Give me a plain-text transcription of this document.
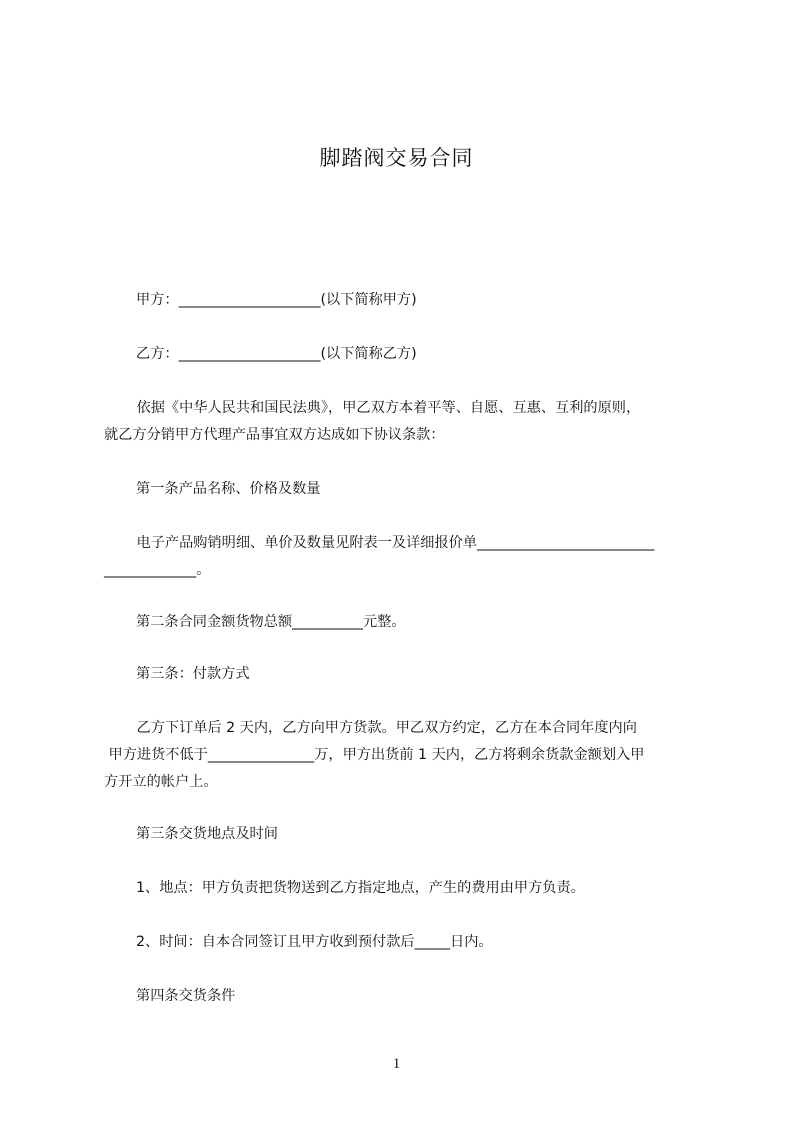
脚踏阀交易合同
甲方：____________________(以下简称甲方)
乙方：____________________(以下简称乙方)
依据《中华人民共和国民法典》，甲乙双方本着平等、自愿、互惠、互利的原则，
就乙方分销甲方代理产品事宜双方达成如下协议条款：
第一条产品名称、价格及数量
电子产品购销明细、单价及数量见附表一及详细报价单_________________________
_____________。
第二条合同金额货物总额__________元整。
第三条：付款方式
乙方下订单后 2 天内，乙方向甲方货款。甲乙双方约定，乙方在本合同年度内向
甲方进货不低于_______________万，甲方出货前 1 天内，乙方将剩余货款金额划入甲
方开立的帐户上。
第三条交货地点及时间
1、地点：甲方负责把货物送到乙方指定地点，产生的费用由甲方负责。
2、时间：自本合同签订且甲方收到预付款后_____日内。
第四条交货条件
1
